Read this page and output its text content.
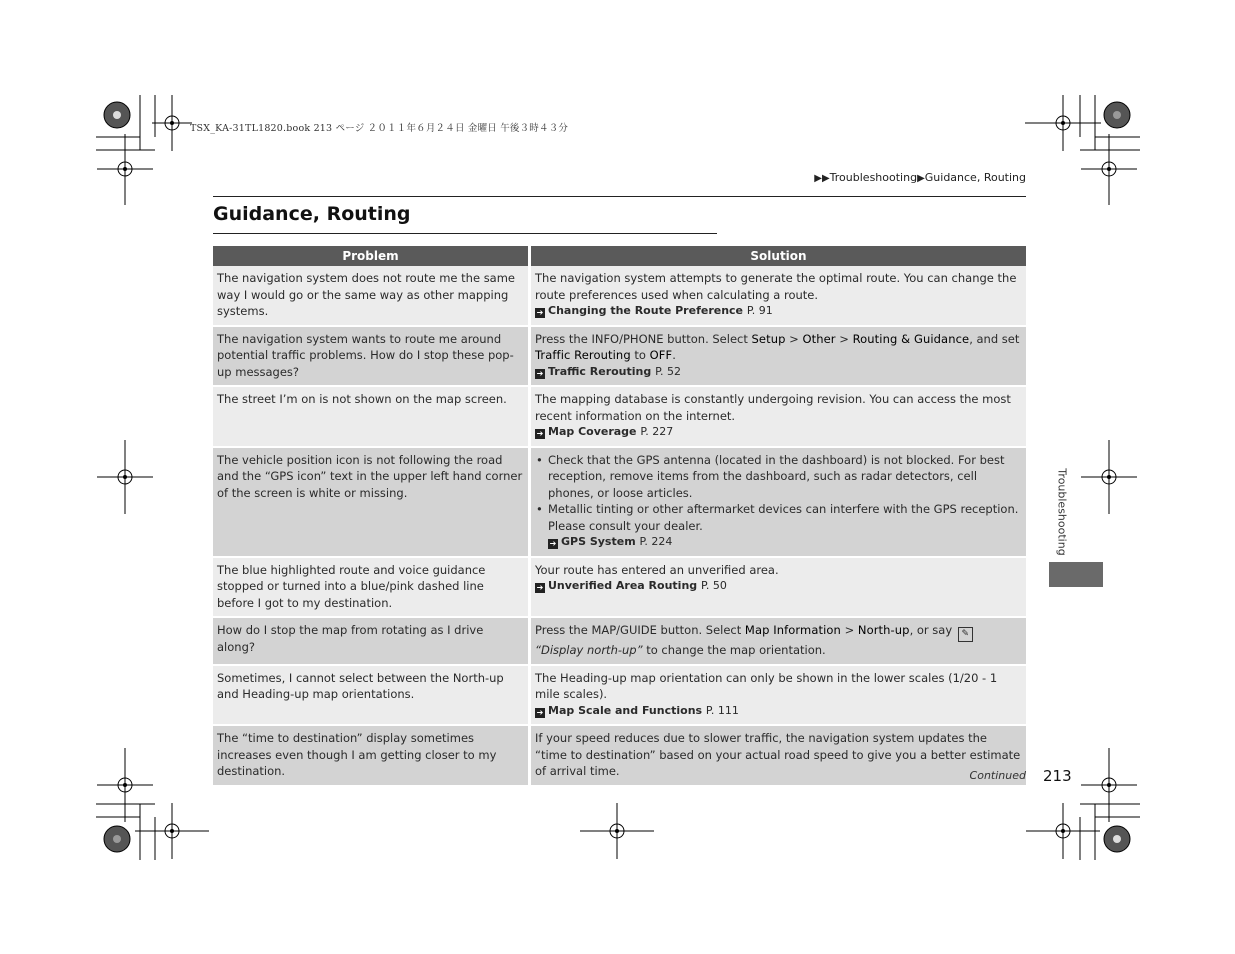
TSX_KA-31TL1820.book 213 ページ ２０１１年６月２４日 金曜日 午後３時４３分
▶▶Troubleshooting▶Guidance, Routing
Guidance, Routing
Problem	Solution
The navigation system does not route me the same way I would go or the same way as other mapping systems.	The navigation system attempts to generate the optimal route. You can change the route preferences used when calculating a route.
➔ Changing the Route Preference P. 91

The navigation system wants to route me around potential traffic problems. How do I stop these pop-up messages?	Press the INFO/PHONE button. Select Setup > Other > Routing & Guidance, and set Traffic Rerouting to OFF.
➔ Traffic Rerouting P. 52

The street I’m on is not shown on the map screen.	The mapping database is constantly undergoing revision. You can access the most recent information on the internet.
➔ Map Coverage P. 227

The vehicle position icon is not following the road and the “GPS icon” text in the upper left hand corner of the screen is white or missing.	• Check that the GPS antenna (located in the dashboard) is not blocked. For best reception, remove items from the dashboard, such as radar detectors, cell phones, or loose articles.
• Metallic tinting or other aftermarket devices can interfere with the GPS reception. Please consult your dealer.
➔ GPS System P. 224

The blue highlighted route and voice guidance stopped or turned into a blue/pink dashed line before I got to my destination.	Your route has entered an unverified area.
➔ Unverified Area Routing P. 50

How do I stop the map from rotating as I drive along?	Press the MAP/GUIDE button. Select Map Information > North-up, or say ✎
“Display north-up” to change the map orientation.

Sometimes, I cannot select between the North-up and Heading-up map orientations.	The Heading-up map orientation can only be shown in the lower scales (1/20 - 1 mile scales).
➔ Map Scale and Functions P. 111

The “time to destination” display sometimes increases even though I am getting closer to my destination.	If your speed reduces due to slower traffic, the navigation system updates the “time to destination” based on your actual road speed to give you a better estimate of arrival time.
Troubleshooting
Continued 213
